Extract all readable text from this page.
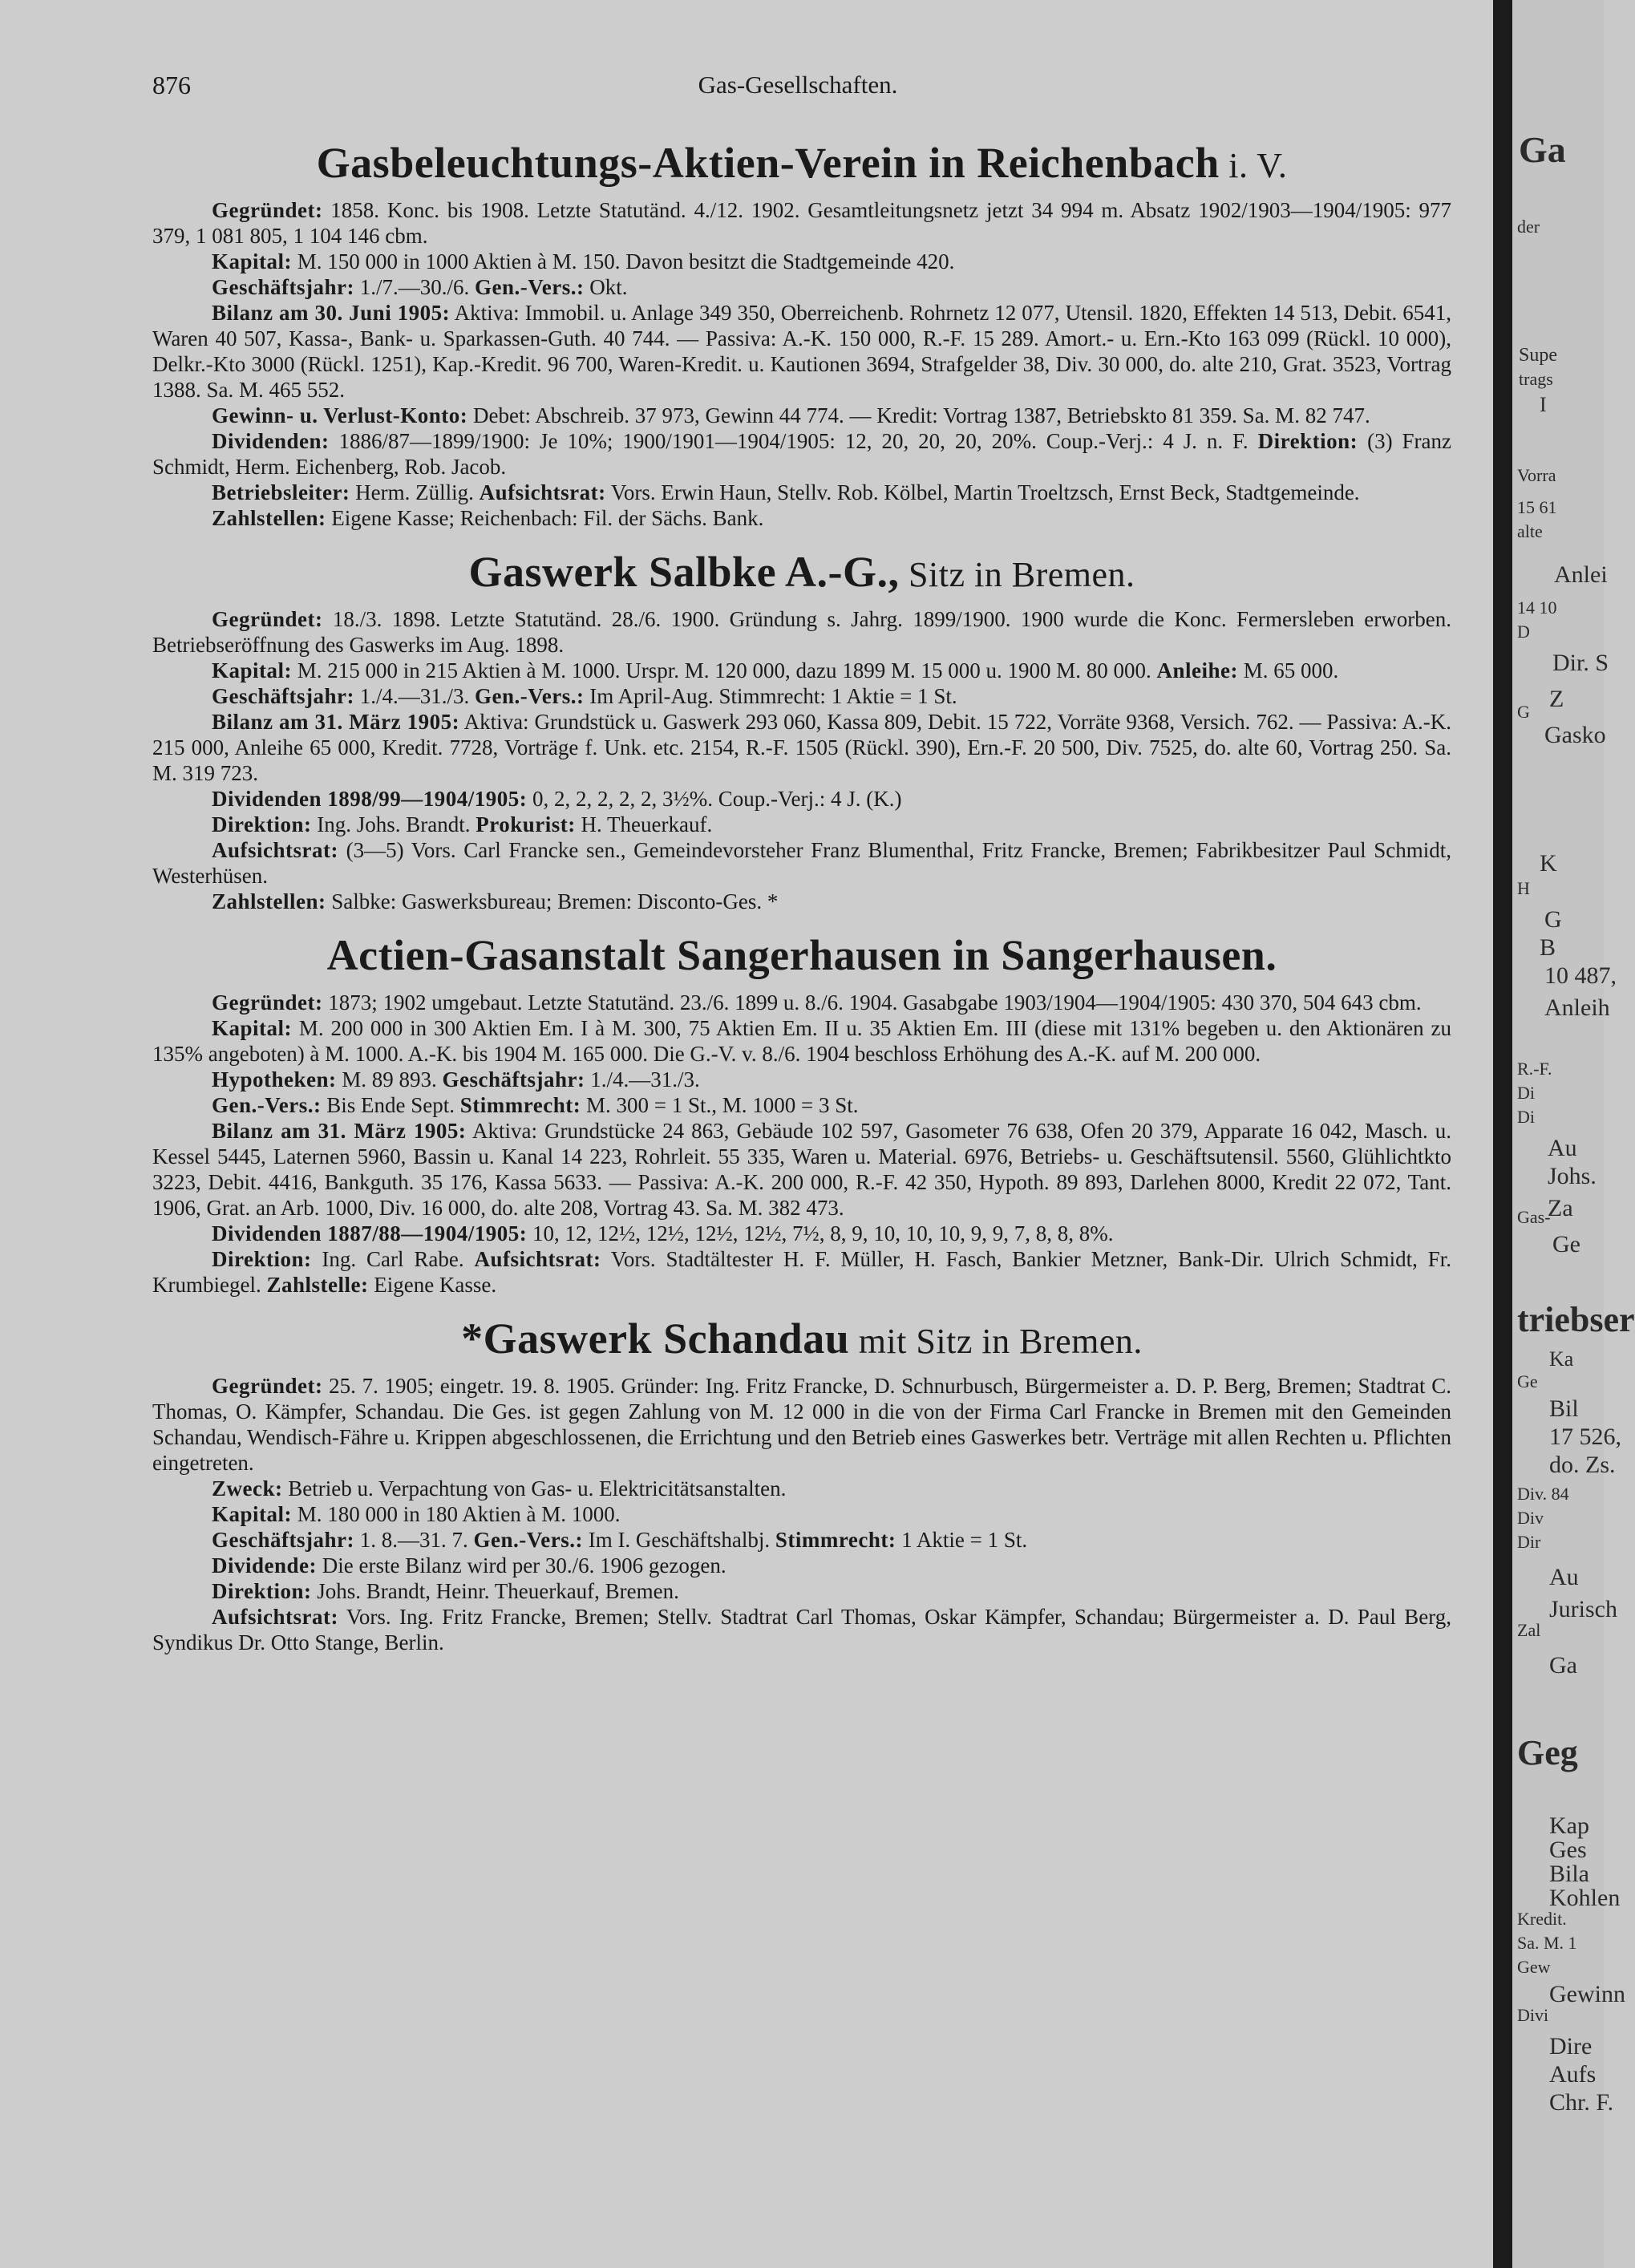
876	Gas-Gesellschaften.
Gasbeleuchtungs-Aktien-Verein in Reichenbach i. V.

Gegründet: 1858. Konc. bis 1908. Letzte Statutänd. 4./12. 1902. Gesamtleitungsnetz jetzt 34 994 m. Absatz 1902/1903—1904/1905: 977 379, 1 081 805, 1 104 146 cbm.

Kapital: M. 150 000 in 1000 Aktien à M. 150. Davon besitzt die Stadtgemeinde 420.

Geschäftsjahr: 1./7.—30./6. Gen.-Vers.: Okt.

Bilanz am 30. Juni 1905: Aktiva: Immobil. u. Anlage 349 350, Oberreichenb. Rohrnetz 12 077, Utensil. 1820, Effekten 14 513, Debit. 6541, Waren 40 507, Kassa-, Bank- u. Sparkassen-Guth. 40 744. — Passiva: A.-K. 150 000, R.-F. 15 289. Amort.- u. Ern.-Kto 163 099 (Rückl. 10 000), Delkr.-Kto 3000 (Rückl. 1251), Kap.-Kredit. 96 700, Waren-Kredit. u. Kautionen 3694, Strafgelder 38, Div. 30 000, do. alte 210, Grat. 3523, Vortrag 1388. Sa. M. 465 552.

Gewinn- u. Verlust-Konto: Debet: Abschreib. 37 973, Gewinn 44 774. — Kredit: Vortrag 1387, Betriebskto 81 359. Sa. M. 82 747.

Dividenden: 1886/87—1899/1900: Je 10%; 1900/1901—1904/1905: 12, 20, 20, 20, 20%. Coup.-Verj.: 4 J. n. F. Direktion: (3) Franz Schmidt, Herm. Eichenberg, Rob. Jacob.

Betriebsleiter: Herm. Züllig. Aufsichtsrat: Vors. Erwin Haun, Stellv. Rob. Kölbel, Martin Troeltzsch, Ernst Beck, Stadtgemeinde.

Zahlstellen: Eigene Kasse; Reichenbach: Fil. der Sächs. Bank.

Gaswerk Salbke A.-G., Sitz in Bremen.

Gegründet: 18./3. 1898. Letzte Statutänd. 28./6. 1900. Gründung s. Jahrg. 1899/1900. 1900 wurde die Konc. Fermersleben erworben. Betriebseröffnung des Gaswerks im Aug. 1898.

Kapital: M. 215 000 in 215 Aktien à M. 1000. Urspr. M. 120 000, dazu 1899 M. 15 000 u. 1900 M. 80 000. Anleihe: M. 65 000.

Geschäftsjahr: 1./4.—31./3. Gen.-Vers.: Im April-Aug. Stimmrecht: 1 Aktie = 1 St.

Bilanz am 31. März 1905: Aktiva: Grundstück u. Gaswerk 293 060, Kassa 809, Debit. 15 722, Vorräte 9368, Versich. 762. — Passiva: A.-K. 215 000, Anleihe 65 000, Kredit. 7728, Vorträge f. Unk. etc. 2154, R.-F. 1505 (Rückl. 390), Ern.-F. 20 500, Div. 7525, do. alte 60, Vortrag 250. Sa. M. 319 723.

Dividenden 1898/99—1904/1905: 0, 2, 2, 2, 2, 2, 3½%. Coup.-Verj.: 4 J. (K.)

Direktion: Ing. Johs. Brandt. Prokurist: H. Theuerkauf.

Aufsichtsrat: (3—5) Vors. Carl Francke sen., Gemeindevorsteher Franz Blumenthal, Fritz Francke, Bremen; Fabrikbesitzer Paul Schmidt, Westerhüsen.

Zahlstellen: Salbke: Gaswerksbureau; Bremen: Disconto-Ges. *

Actien-Gasanstalt Sangerhausen in Sangerhausen.

Gegründet: 1873; 1902 umgebaut. Letzte Statutänd. 23./6. 1899 u. 8./6. 1904. Gasabgabe 1903/1904—1904/1905: 430 370, 504 643 cbm.

Kapital: M. 200 000 in 300 Aktien Em. I à M. 300, 75 Aktien Em. II u. 35 Aktien Em. III (diese mit 131% begeben u. den Aktionären zu 135% angeboten) à M. 1000. A.-K. bis 1904 M. 165 000. Die G.-V. v. 8./6. 1904 beschloss Erhöhung des A.-K. auf M. 200 000.

Hypotheken: M. 89 893. Geschäftsjahr: 1./4.—31./3.

Gen.-Vers.: Bis Ende Sept. Stimmrecht: M. 300 = 1 St., M. 1000 = 3 St.

Bilanz am 31. März 1905: Aktiva: Grundstücke 24 863, Gebäude 102 597, Gasometer 76 638, Ofen 20 379, Apparate 16 042, Masch. u. Kessel 5445, Laternen 5960, Bassin u. Kanal 14 223, Rohrleit. 55 335, Waren u. Material. 6976, Betriebs- u. Geschäftsutensil. 5560, Glühlichtkto 3223, Debit. 4416, Bankguth. 35 176, Kassa 5633. — Passiva: A.-K. 200 000, R.-F. 42 350, Hypoth. 89 893, Darlehen 8000, Kredit 22 072, Tant. 1906, Grat. an Arb. 1000, Div. 16 000, do. alte 208, Vortrag 43. Sa. M. 382 473.

Dividenden 1887/88—1904/1905: 10, 12, 12½, 12½, 12½, 12½, 7½, 8, 9, 10, 10, 10, 9, 9, 7, 8, 8, 8%.

Direktion: Ing. Carl Rabe. Aufsichtsrat: Vors. Stadtältester H. F. Müller, H. Fasch, Bankier Metzner, Bank-Dir. Ulrich Schmidt, Fr. Krumbiegel. Zahlstelle: Eigene Kasse.

*Gaswerk Schandau mit Sitz in Bremen.

Gegründet: 25. 7. 1905; eingetr. 19. 8. 1905. Gründer: Ing. Fritz Francke, D. Schnurbusch, Bürgermeister a. D. P. Berg, Bremen; Stadtrat C. Thomas, O. Kämpfer, Schandau. Die Ges. ist gegen Zahlung von M. 12 000 in die von der Firma Carl Francke in Bremen mit den Gemeinden Schandau, Wendisch-Fähre u. Krippen abgeschlossenen, die Errichtung und den Betrieb eines Gaswerkes betr. Verträge mit allen Rechten u. Pflichten eingetreten.

Zweck: Betrieb u. Verpachtung von Gas- u. Elektricitätsanstalten.

Kapital: M. 180 000 in 180 Aktien à M. 1000.

Geschäftsjahr: 1. 8.—31. 7. Gen.-Vers.: Im I. Geschäftshalbj. Stimmrecht: 1 Aktie = 1 St.

Dividende: Die erste Bilanz wird per 30./6. 1906 gezogen.

Direktion: Johs. Brandt, Heinr. Theuerkauf, Bremen.

Aufsichtsrat: Vors. Ing. Fritz Francke, Bremen; Stellv. Stadtrat Carl Thomas, Oskar Kämpfer, Schandau; Bürgermeister a. D. Paul Berg, Syndikus Dr. Otto Stange, Berlin.

Ga
der
Supe
trags
I
Vorra
15 61
alte
Anlei
14 10
D
Dir. S
Z
G
Gasko
K
H
G
B
10 487,
Anleih
R.-F.
Di
Di
Au
Johs.
Za
Gas-
Ge
triebser
Ka
Ge
Bil
17 526,
do. Zs.
Div. 84
Div
Dir
Au
Jurisch
Zal
Ga
Geg
Kap
Ges
Bila
Kohlen
Kredit.
Sa. M. 1
Gew
Gewinn
Divi
Dire
Aufs
Chr. F.
